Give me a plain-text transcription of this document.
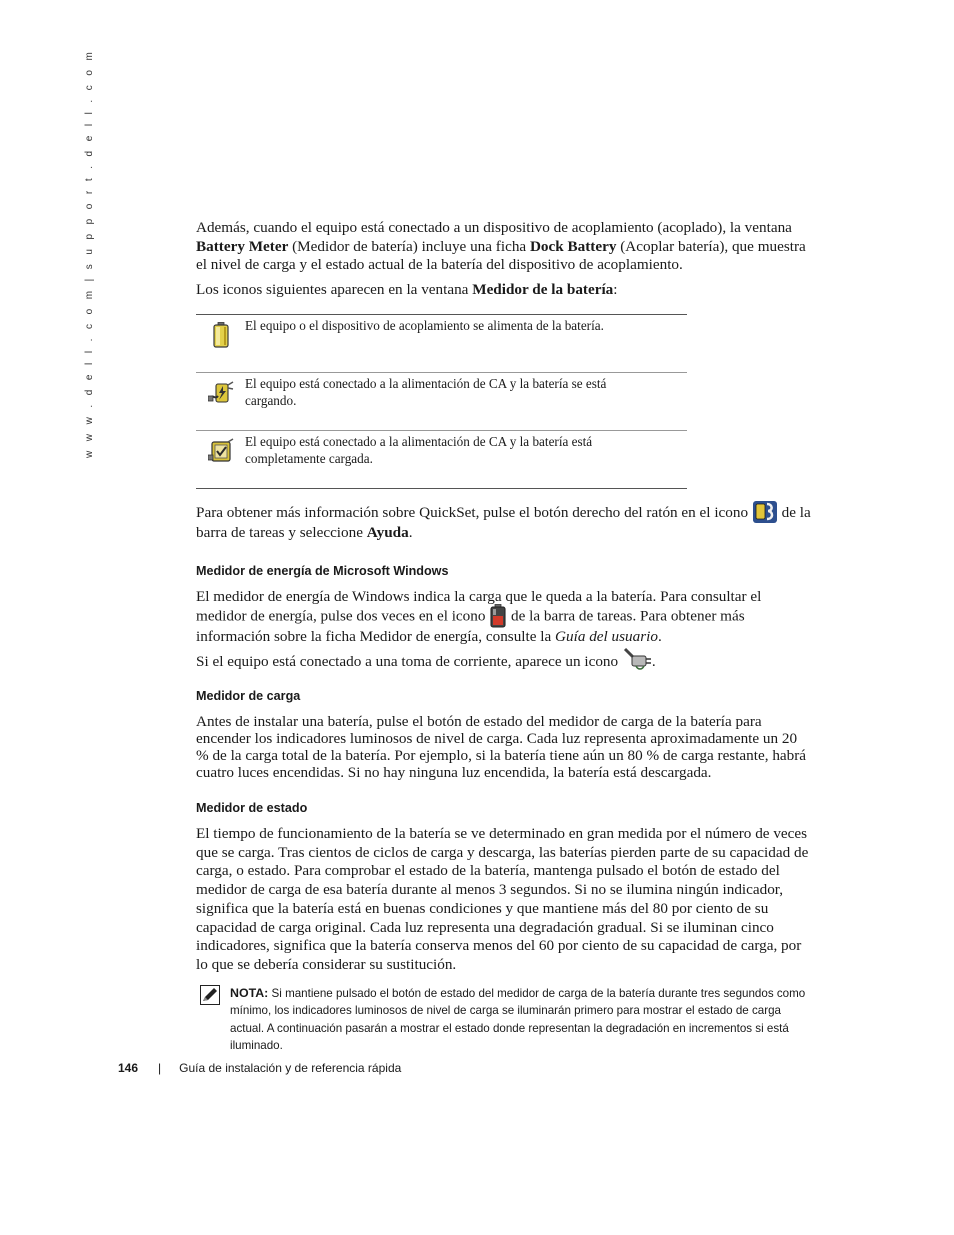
w w w . d e l l . c o m | s u p p o r t . d e l l . c o m	Además, cuando el equipo está conectado a un dispositivo de acoplamiento (acoplado), la ventana Battery Meter (Medidor de batería) incluye una ficha Dock Battery (Acoplar batería), que muestra el nivel de carga y el estado actual de la batería del dispositivo de acoplamiento.

Los iconos siguientes aparecen en la ventana Medidor de la batería:

	El equipo o el dispositivo de acoplamiento se alimenta de la batería.

	El equipo está conectado a la alimentación de CA y la batería se está cargando.

	El equipo está conectado a la alimentación de CA y la batería está completamente cargada.

Para obtener más información sobre QuickSet, pulse el botón derecho del ratón en el icono
de la barra de tareas y seleccione Ayuda.

Medidor de energía de Microsoft Windows

El medidor de energía de Windows indica la carga que le queda a la batería. Para consultar el medidor de energía, pulse dos veces en el icono
de la barra de tareas. Para obtener más información sobre la ficha Medidor de energía, consulte la Guía del usuario.

Si el equipo está conectado a una toma de corriente, aparece un icono
.

Medidor de carga

Antes de instalar una batería, pulse el botón de estado del medidor de carga de la batería para encender los indicadores luminosos de nivel de carga. Cada luz representa aproximadamente un 20 % de la carga total de la batería. Por ejemplo, si la batería tiene aún un 80 % de carga restante, habrá cuatro luces encendidas. Si no hay ninguna luz encendida, la batería está descargada.

Medidor de estado

El tiempo de funcionamiento de la batería se ve determinado en gran medida por el número de veces que se carga. Tras cientos de ciclos de carga y descarga, las baterías pierden parte de su capacidad de carga, o estado. Para comprobar el estado de la batería, mantenga pulsado el botón de estado del medidor de carga de esa batería durante al menos 3 segundos. Si no se ilumina ningún indicador, significa que la batería está en buenas condiciones y que mantiene más del 80 por ciento de su capacidad de carga original. Cada luz representa una degradación gradual. Si se iluminan cinco indicadores, significa que la batería conserva menos del 60 por ciento de su capacidad de carga, por lo que se debería considerar su sustitución.

NOTA: Si mantiene pulsado el botón de estado del medidor de carga de la batería durante tres segundos como mínimo, los indicadores luminosos de nivel de carga se iluminarán primero para mostrar el estado de carga actual. A continuación pasarán a mostrar el estado donde representan la degradación en incrementos si está iluminado.

146 | Guía de instalación y de referencia rápida
